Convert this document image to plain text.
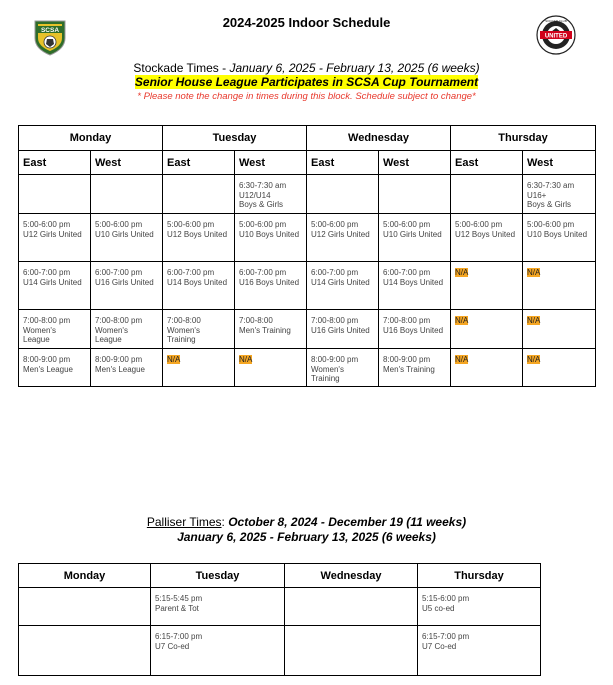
SCSA
2024-2025 Indoor Schedule
UNITED
SOCCER CLUB
Stockade Times - January 6, 2025 - February 13, 2025 (6 weeks)
Senior House League Participates in SCSA Cup Tournament
* Please note the change in times during this block. Schedule subject to change*
Monday		Tuesday		Wednesday		Thursday	
East	West	East	West	East	West	East	West

			6:30-7:30 am
U12/U14
Boys & Girls				6:30-7:30 am
U16+
Boys & Girls

5:00-6:00 pm
U12 Girls United	5:00-6:00 pm
U10 Girls United	5:00-6:00 pm
U12 Boys United	5:00-6:00 pm
U10 Boys United	5:00-6:00 pm
U12 Girls United	5:00-6:00 pm
U10 Girls United	5:00-6:00 pm
U12 Boys United	5:00-6:00 pm
U10 Boys United

6:00-7:00 pm
U14 Girls United	6:00-7:00 pm
U16 Girls United	6:00-7:00 pm
U14 Boys United	6:00-7:00 pm
U16 Boys United	6:00-7:00 pm
U14 Girls United	6:00-7:00 pm
U14 Boys United	N/A	N/A

7:00-8:00 pm
Women's
League	7:00-8:00 pm
Women's
League	7:00-8:00
Women's
Training	7:00-8:00
Men's Training	7:00-8:00 pm
U16 Girls United	7:00-8:00 pm
U16 Boys United	N/A	N/A

8:00-9:00 pm
Men's League	8:00-9:00 pm
Men's League	N/A	N/A	8:00-9:00 pm
Women's
Training	8:00-9:00 pm
Men's Training	N/A	N/A
Palliser Times: October 8, 2024 - December 19 (11 weeks)
January 6, 2025 - February 13, 2025 (6 weeks)
Monday	Tuesday	Wednesday	Thursday

	5:15-5:45 pm
Parent & Tot		5:15-6:00 pm
U5 co-ed

	6:15-7:00 pm
U7 Co-ed		6:15-7:00 pm
U7 Co-ed
